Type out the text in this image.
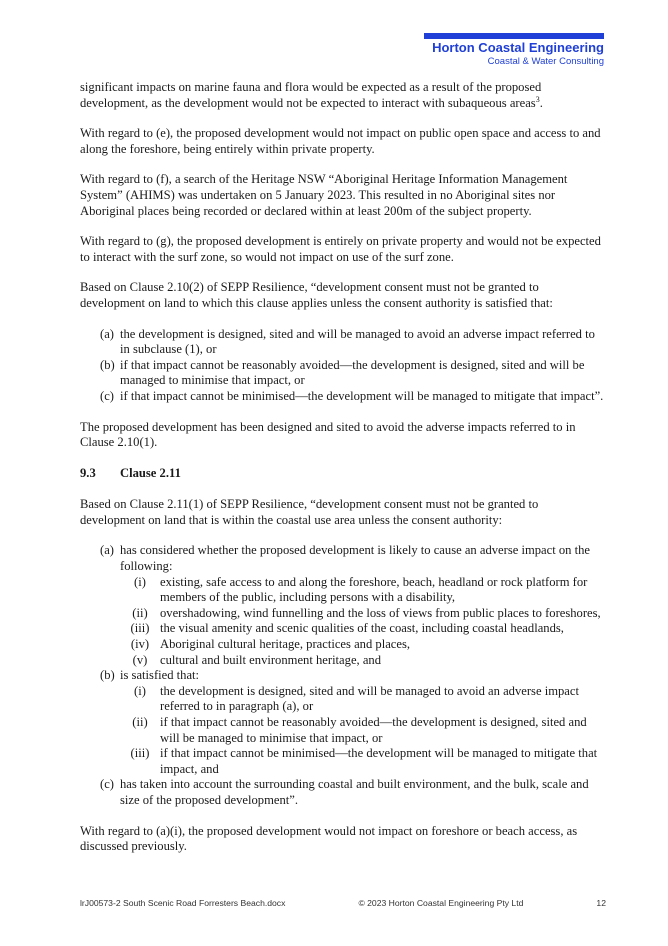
Horton Coastal Engineering
Coastal & Water Consulting

significant impacts on marine fauna and flora would be expected as a result of the proposed development, as the development would not be expected to interact with subaqueous areas$^3$.

With regard to (e), the proposed development would not impact on public open space and access to and along the foreshore, being entirely within private property.

With regard to (f), a search of the Heritage NSW “Aboriginal Heritage Information Management System” (AHIMS) was undertaken on 5 January 2023. This resulted in no Aboriginal sites nor Aboriginal places being recorded or declared within at least 200m of the subject property.

With regard to (g), the proposed development is entirely on private property and would not be expected to interact with the surf zone, so would not impact on use of the surf zone.

Based on Clause 2.10(2) of SEPP Resilience, “development consent must not be granted to development on land to which this clause applies unless the consent authority is satisfied that:

(a) the development is designed, sited and will be managed to avoid an adverse impact referred to in subclause (1), or
(b) if that impact cannot be reasonably avoided—the development is designed, sited and will be managed to minimise that impact, or
(c) if that impact cannot be minimised—the development will be managed to mitigate that impact”.

The proposed development has been designed and sited to avoid the adverse impacts referred to in Clause 2.10(1).

9.3	Clause 2.11

Based on Clause 2.11(1) of SEPP Resilience, “development consent must not be granted to development on land that is within the coastal use area unless the consent authority:

(a) has considered whether the proposed development is likely to cause an adverse impact on the following:
(i)	existing, safe access to and along the foreshore, beach, headland or rock platform for members of the public, including persons with a disability,
(ii) overshadowing, wind funnelling and the loss of views from public places to foreshores,
(iii) the visual amenity and scenic qualities of the coast, including coastal headlands,
(iv) Aboriginal cultural heritage, practices and places,
(v)	cultural and built environment heritage, and
(b) is satisfied that:
(i)	the development is designed, sited and will be managed to avoid an adverse impact referred to in paragraph (a), or
(ii) if that impact cannot be reasonably avoided—the development is designed, sited and will be managed to minimise that impact, or
(iii) if that impact cannot be minimised—the development will be managed to mitigate that impact, and
(c) has taken into account the surrounding coastal and built environment, and the bulk, scale and size of the proposed development”.

With regard to (a)(i), the proposed development would not impact on foreshore or beach access, as discussed previously.

lrJ00573-2 South Scenic Road Forresters Beach.docx	© 2023 Horton Coastal Engineering Pty Ltd	12
